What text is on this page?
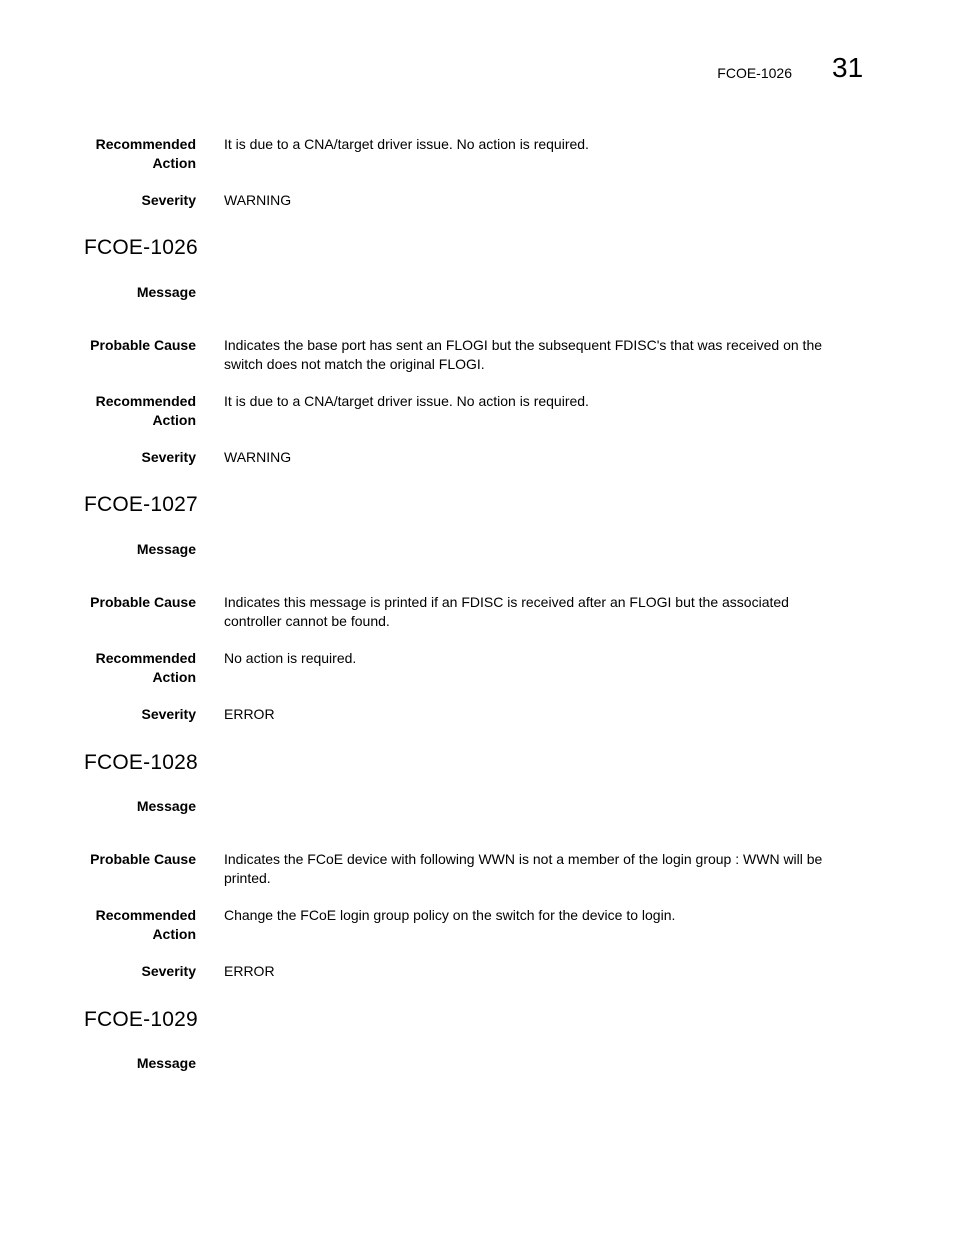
FCOE-1026 31
Recommended
Action
It is due to a CNA/target driver issue. No action is required.
Severity WARNING
FCOE-1026
Message
Probable Cause Indicates the base port has sent an FLOGI but the subsequent FDISC's that was received on the
switch does not match the original FLOGI.
Recommended
Action
It is due to a CNA/target driver issue. No action is required.
Severity WARNING
FCOE-1027
Message
Probable Cause Indicates this message is printed if an FDISC is received after an FLOGI but the associated
controller cannot be found.
Recommended
Action
No action is required.
Severity ERROR
FCOE-1028
Message
Probable Cause Indicates the FCoE device with following WWN is not a member of the login group : WWN will be
printed.
Recommended
Action
Change the FCoE login group policy on the switch for the device to login.
Severity ERROR
FCOE-1029
Message
